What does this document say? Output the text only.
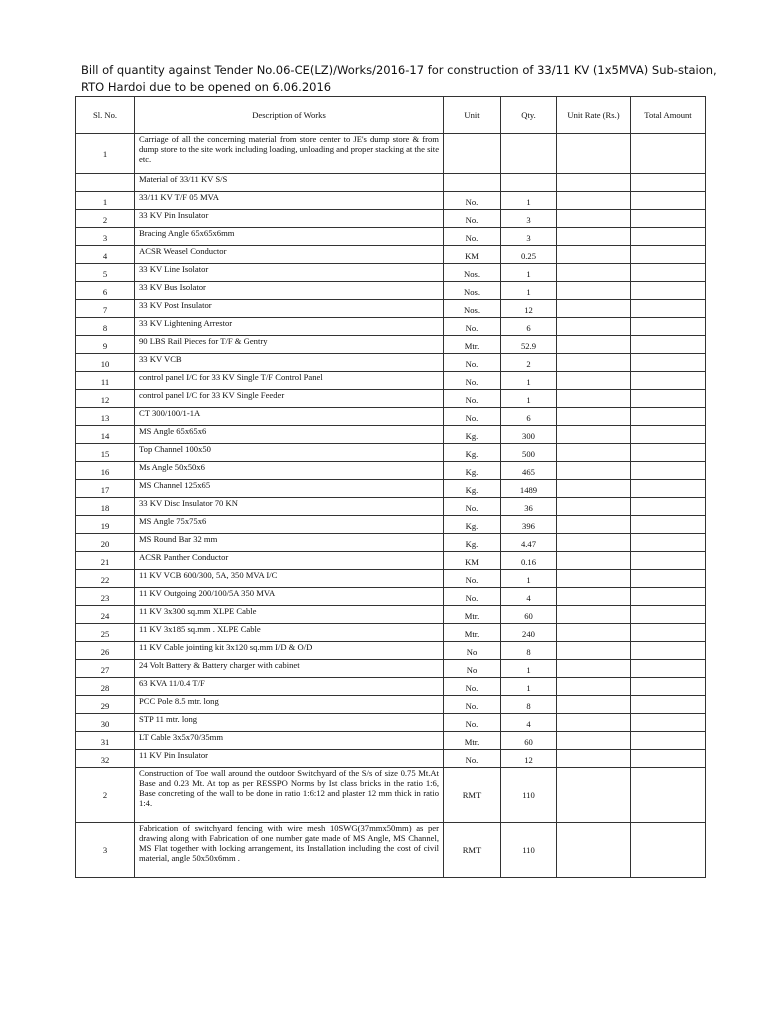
Bill of quantity against Tender No.06-CE(LZ)/Works/2016-17 for construction of 33/11 KV (1x5MVA) Sub-staion,
RTO Hardoi due to be opened on 6.06.2016
Sl. No.	Description of Works	Unit	Qty.	Unit Rate (Rs.)	Total Amount
1	Carriage of all the concerning material from store center to JE's dump store & from dump store to the site work including loading, unloading and proper stacking at the site etc.				
	Material of 33/11 KV S/S				
1	33/11 KV T/F 05 MVA	No.	1		
2	33 KV Pin Insulator	No.	3		
3	Bracing Angle 65x65x6mm	No.	3		
4	ACSR Weasel Conductor	KM	0.25		
5	33 KV Line Isolator	Nos.	1		
6	33 KV Bus Isolator	Nos.	1		
7	33 KV Post Insulator	Nos.	12		
8	33 KV Lightening Arrestor	No.	6		
9	90 LBS Rail Pieces for T/F & Gentry	Mtr.	52.9		
10	33 KV VCB	No.	2		
11	control panel I/C for 33 KV Single T/F Control Panel	No.	1		
12	control panel I/C for 33 KV Single Feeder	No.	1		
13	CT 300/100/1-1A	No.	6		
14	MS Angle 65x65x6	Kg.	300		
15	Top Channel 100x50	Kg.	500		
16	Ms Angle 50x50x6	Kg.	465		
17	MS Channel 125x65	Kg.	1489		
18	33 KV Disc Insulator 70 KN	No.	36		
19	MS Angle 75x75x6	Kg.	396		
20	MS Round Bar 32 mm	Kg.	4.47		
21	ACSR Panther Conductor	KM	0.16		
22	11 KV VCB 600/300, 5A, 350 MVA I/C	No.	1		
23	11 KV Outgoing 200/100/5A 350 MVA	No.	4		
24	11 KV 3x300 sq.mm XLPE Cable	Mtr.	60		
25	11 KV 3x185 sq.mm . XLPE Cable	Mtr.	240		
26	11 KV Cable jointing kit 3x120 sq.mm I/D & O/D	No	8		
27	24 Volt Battery & Battery charger with cabinet	No	1		
28	63 KVA 11/0.4 T/F	No.	1		
29	PCC Pole 8.5 mtr. long	No.	8		
30	STP 11 mtr. long	No.	4		
31	LT Cable 3x5x70/35mm	Mtr.	60		
32	11 KV Pin Insulator	No.	12		
2	Construction of Toe wall around the outdoor Switchyard of the S/s of size 0.75 Mt.At Base and 0.23 Mt. At top as per RESSPO Norms by Ist class bricks in the ratio 1:6, Base concreting of the wall to be done in ratio 1:6:12 and plaster 12 mm thick in ratio 1:4.	RMT	110		
3	Fabrication of switchyard fencing with wire mesh 10SWG(37mmx50mm) as per drawing along with Fabrication of one number gate made of MS Angle, MS Channel, MS Flat together with locking arrangement, its Installation including the cost of civil material, angle 50x50x6mm .	RMT	110		
